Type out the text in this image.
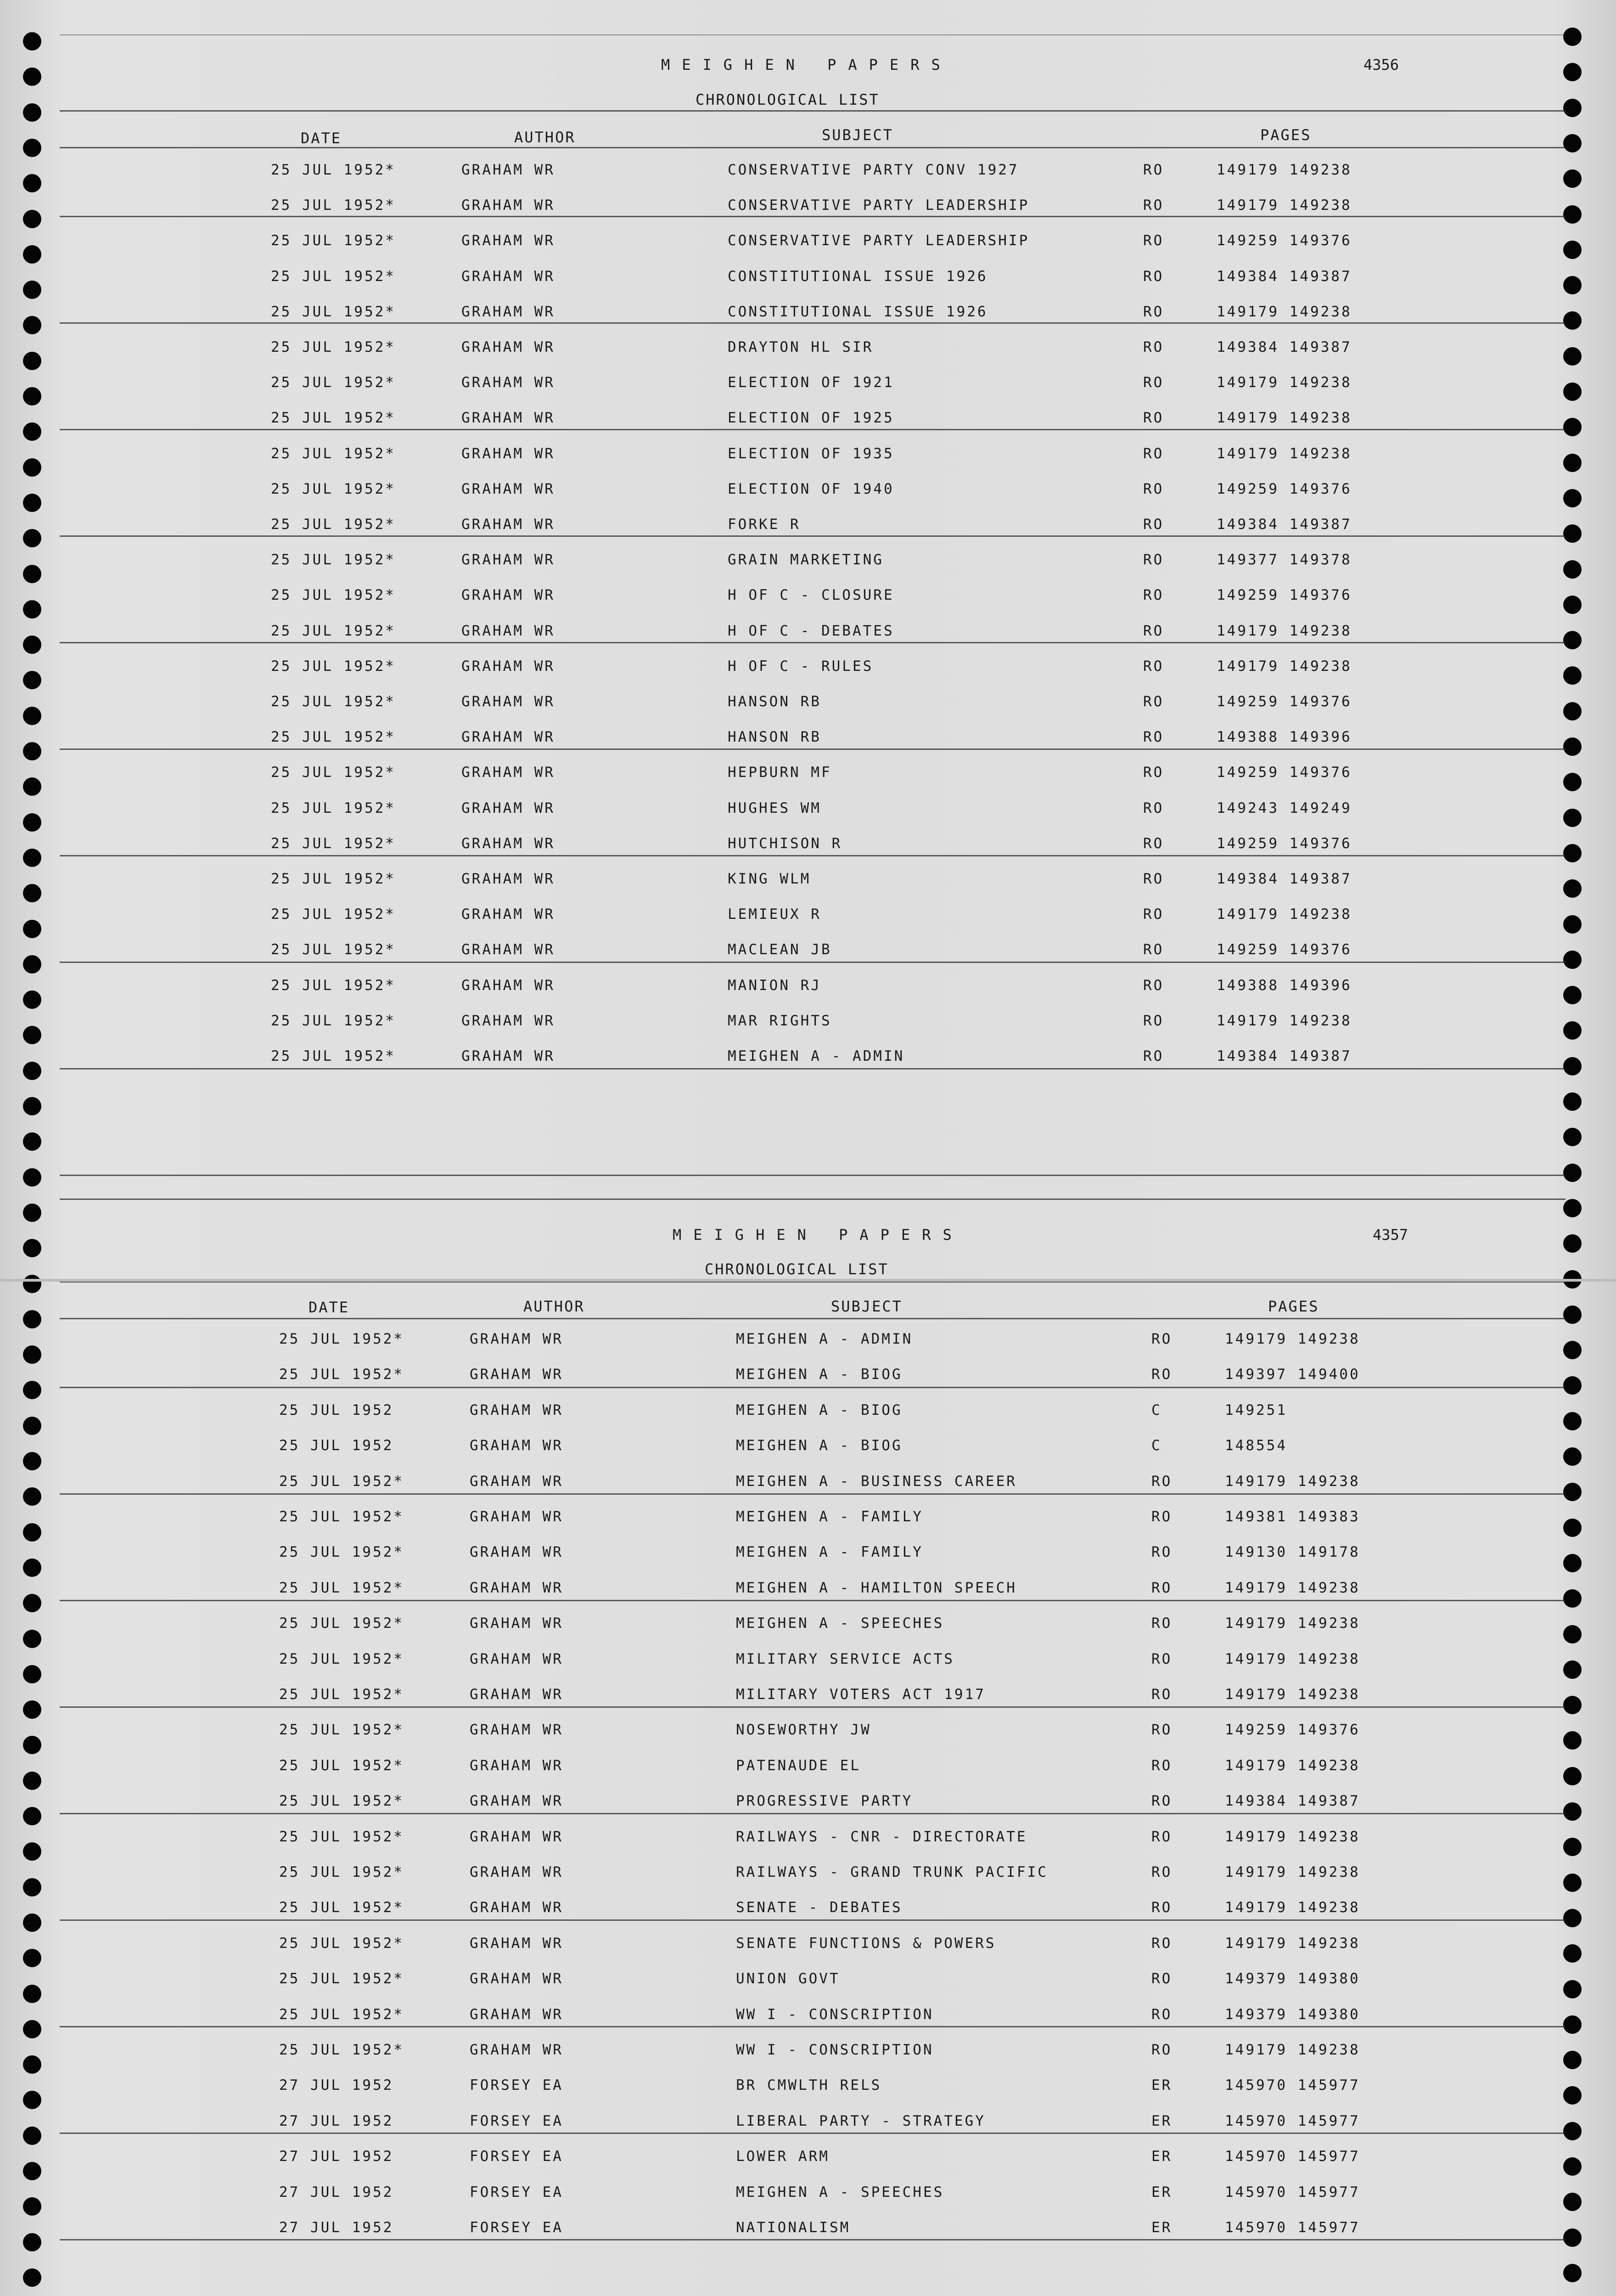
MEIGHEN PAPERS	4356
CHRONOLOGICAL LIST
DATE	AUTHOR	SUBJECT	PAGES
25 JUL 1952*	GRAHAM WR	CONSERVATIVE PARTY CONV 1927	RO	149179 149238
25 JUL 1952*	GRAHAM WR	CONSERVATIVE PARTY LEADERSHIP	RO	149179 149238
25 JUL 1952*	GRAHAM WR	CONSERVATIVE PARTY LEADERSHIP	RO	149259 149376
25 JUL 1952*	GRAHAM WR	CONSTITUTIONAL ISSUE 1926	RO	149384 149387
25 JUL 1952*	GRAHAM WR	CONSTITUTIONAL ISSUE 1926	RO	149179 149238
25 JUL 1952*	GRAHAM WR	DRAYTON HL SIR	RO	149384 149387
25 JUL 1952*	GRAHAM WR	ELECTION OF 1921	RO	149179 149238
25 JUL 1952*	GRAHAM WR	ELECTION OF 1925	RO	149179 149238
25 JUL 1952*	GRAHAM WR	ELECTION OF 1935	RO	149179 149238
25 JUL 1952*	GRAHAM WR	ELECTION OF 1940	RO	149259 149376
25 JUL 1952*	GRAHAM WR	FORKE R	RO	149384 149387
25 JUL 1952*	GRAHAM WR	GRAIN MARKETING	RO	149377 149378
25 JUL 1952*	GRAHAM WR	H OF C - CLOSURE	RO	149259 149376
25 JUL 1952*	GRAHAM WR	H OF C - DEBATES	RO	149179 149238
25 JUL 1952*	GRAHAM WR	H OF C - RULES	RO	149179 149238
25 JUL 1952*	GRAHAM WR	HANSON RB	RO	149259 149376
25 JUL 1952*	GRAHAM WR	HANSON RB	RO	149388 149396
25 JUL 1952*	GRAHAM WR	HEPBURN MF	RO	149259 149376
25 JUL 1952*	GRAHAM WR	HUGHES WM	RO	149243 149249
25 JUL 1952*	GRAHAM WR	HUTCHISON R	RO	149259 149376
25 JUL 1952*	GRAHAM WR	KING WLM	RO	149384 149387
25 JUL 1952*	GRAHAM WR	LEMIEUX R	RO	149179 149238
25 JUL 1952*	GRAHAM WR	MACLEAN JB	RO	149259 149376
25 JUL 1952*	GRAHAM WR	MANION RJ	RO	149388 149396
25 JUL 1952*	GRAHAM WR	MAR RIGHTS	RO	149179 149238
25 JUL 1952*	GRAHAM WR	MEIGHEN A - ADMIN	RO	149384 149387
MEIGHEN PAPERS	4357
CHRONOLOGICAL LIST
DATE	AUTHOR	SUBJECT	PAGES
25 JUL 1952*	GRAHAM WR	MEIGHEN A - ADMIN	RO	149179 149238
25 JUL 1952*	GRAHAM WR	MEIGHEN A - BIOG	RO	149397 149400
25 JUL 1952	GRAHAM WR	MEIGHEN A - BIOG	C	149251
25 JUL 1952	GRAHAM WR	MEIGHEN A - BIOG	C	148554
25 JUL 1952*	GRAHAM WR	MEIGHEN A - BUSINESS CAREER	RO	149179 149238
25 JUL 1952*	GRAHAM WR	MEIGHEN A - FAMILY	RO	149381 149383
25 JUL 1952*	GRAHAM WR	MEIGHEN A - FAMILY	RO	149130 149178
25 JUL 1952*	GRAHAM WR	MEIGHEN A - HAMILTON SPEECH	RO	149179 149238
25 JUL 1952*	GRAHAM WR	MEIGHEN A - SPEECHES	RO	149179 149238
25 JUL 1952*	GRAHAM WR	MILITARY SERVICE ACTS	RO	149179 149238
25 JUL 1952*	GRAHAM WR	MILITARY VOTERS ACT 1917	RO	149179 149238
25 JUL 1952*	GRAHAM WR	NOSEWORTHY JW	RO	149259 149376
25 JUL 1952*	GRAHAM WR	PATENAUDE EL	RO	149179 149238
25 JUL 1952*	GRAHAM WR	PROGRESSIVE PARTY	RO	149384 149387
25 JUL 1952*	GRAHAM WR	RAILWAYS - CNR - DIRECTORATE	RO	149179 149238
25 JUL 1952*	GRAHAM WR	RAILWAYS - GRAND TRUNK PACIFIC	RO	149179 149238
25 JUL 1952*	GRAHAM WR	SENATE - DEBATES	RO	149179 149238
25 JUL 1952*	GRAHAM WR	SENATE FUNCTIONS & POWERS	RO	149179 149238
25 JUL 1952*	GRAHAM WR	UNION GOVT	RO	149379 149380
25 JUL 1952*	GRAHAM WR	WW I - CONSCRIPTION	RO	149379 149380
25 JUL 1952*	GRAHAM WR	WW I - CONSCRIPTION	RO	149179 149238
27 JUL 1952	FORSEY EA	BR CMWLTH RELS	ER	145970 145977
27 JUL 1952	FORSEY EA	LIBERAL PARTY - STRATEGY	ER	145970 145977
27 JUL 1952	FORSEY EA	LOWER ARM	ER	145970 145977
27 JUL 1952	FORSEY EA	MEIGHEN A - SPEECHES	ER	145970 145977
27 JUL 1952	FORSEY EA	NATIONALISM	ER	145970 145977
